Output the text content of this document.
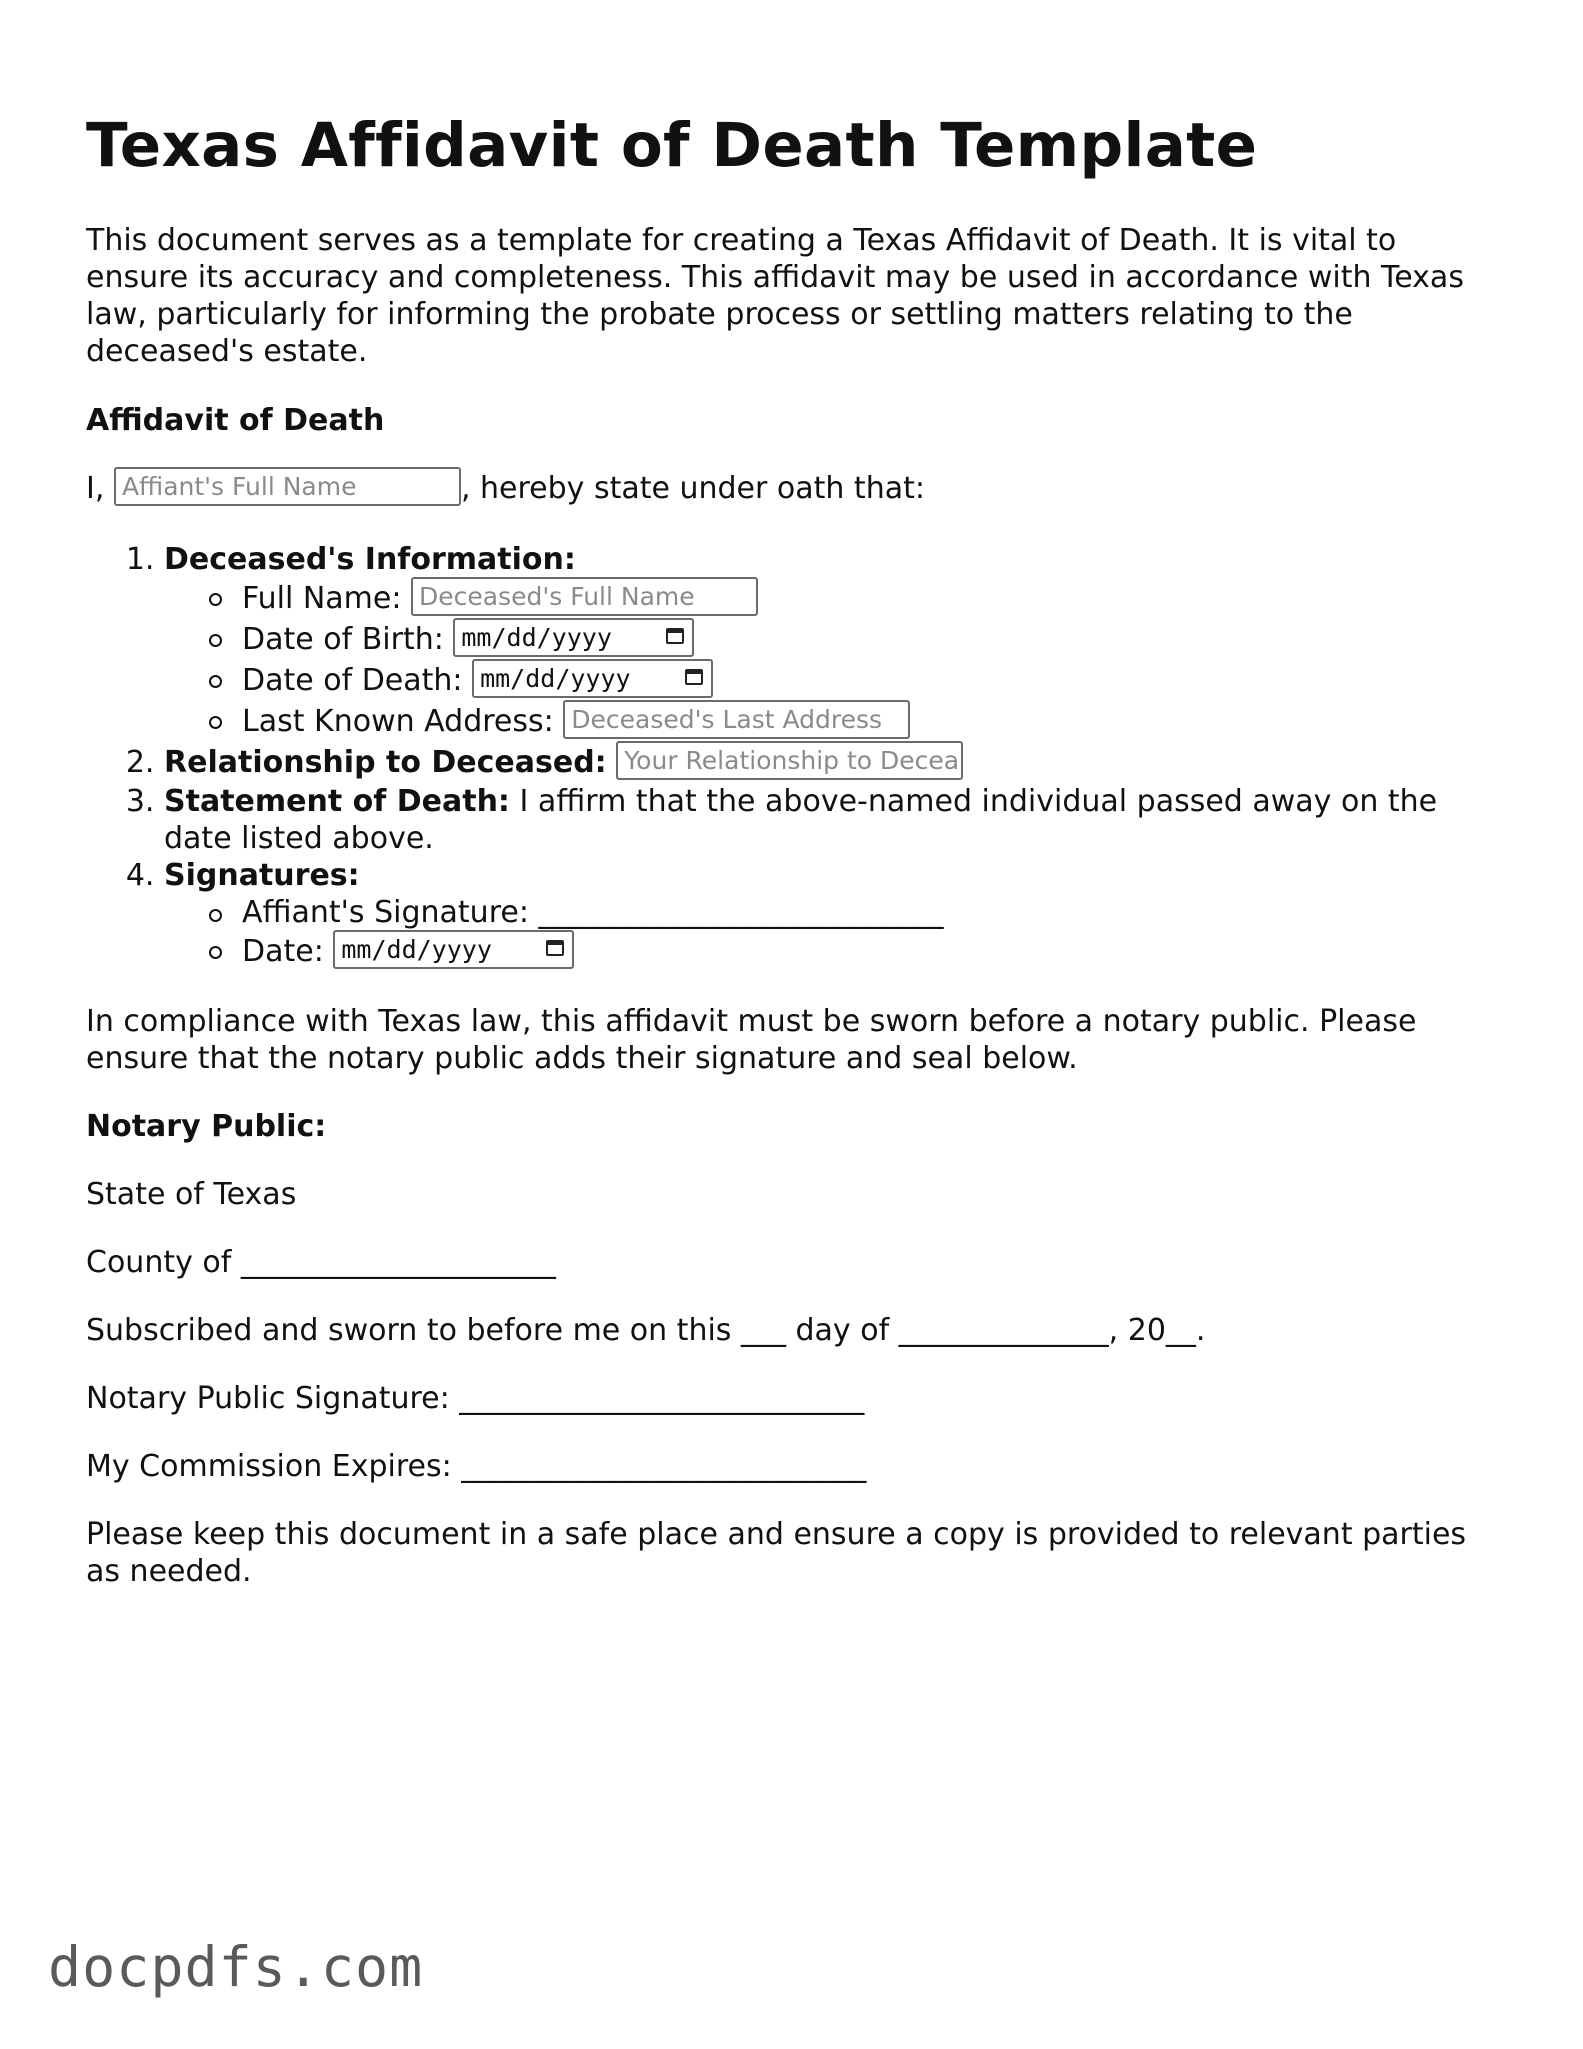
Texas Affidavit of Death Template

This document serves as a template for creating a Texas Affidavit of Death. It is vital to ensure its accuracy and completeness. This affidavit may be used in accordance with Texas law, particularly for informing the probate process or settling matters relating to the deceased's estate.

Affidavit of Death

I, Affiant's Full Name	, hereby state under oath that:

1. Deceased's Information:
Full Name: Deceased's Full Name
Date of Birth: mm/dd/yyyy
Date of Death: mm/dd/yyyy
Last Known Address: Deceased's Last Address
2. Relationship to Deceased: Your Relationship to Decea
3. Statement of Death: I affirm that the above-named individual passed away on the date listed above.
4. Signatures:
Affiant's Signature: ___________________________
Date: mm/dd/yyyy

In compliance with Texas law, this affidavit must be sworn before a notary public. Please ensure that the notary public adds their signature and seal below.

Notary Public:

State of Texas

County of _____________________

Subscribed and sworn to before me on this ___ day of ______________, 20__.

Notary Public Signature: ___________________________

My Commission Expires: ___________________________

Please keep this document in a safe place and ensure a copy is provided to relevant parties as needed.

docpdfs.com
